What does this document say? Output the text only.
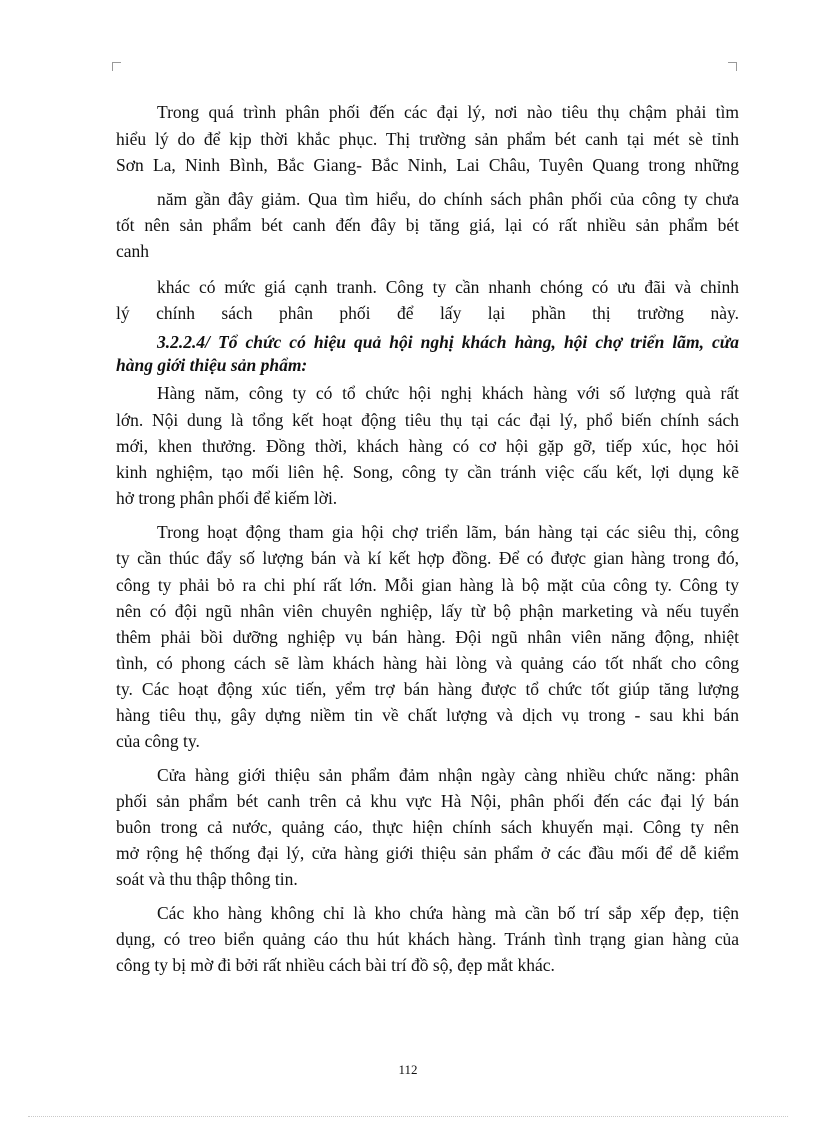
Trong quá trình phân phối đến các đại lý, nơi nào tiêu thụ chậm phải tìm
hiểu lý do để kịp thời khắc phục. Thị trường sản phẩm bét canh tại mét sè tỉnh
Sơn La, Ninh Bình, Bắc Giang- Bắc Ninh, Lai Châu, Tuyên Quang trong những
năm gần đây giảm. Qua tìm hiểu, do chính sách phân phối của công ty chưa
tốt nên sản phẩm bét canh đến đây bị tăng giá, lại có rất nhiều sản phẩm bét
canh
khác có mức giá cạnh tranh. Công ty cần nhanh chóng có ưu đãi và chỉnh
lý chính sách phân phối để lấy lại phần thị trường này.
3.2.2.4/ Tổ chức có hiệu quả hội nghị khách hàng, hội chợ triển lãm, cửa
hàng giới thiệu sản phẩm:
Hàng năm, công ty có tổ chức hội nghị khách hàng với số lượng quà rất
lớn. Nội dung là tổng kết hoạt động tiêu thụ tại các đại lý, phổ biến chính sách
mới, khen thưởng. Đồng thời, khách hàng có cơ hội gặp gỡ, tiếp xúc, học hỏi
kinh nghiệm, tạo mối liên hệ. Song, công ty cần tránh việc cấu kết, lợi dụng kẽ
hở trong phân phối để kiếm lời.
Trong hoạt động tham gia hội chợ triển lãm, bán hàng tại các siêu thị, công
ty cần thúc đẩy số lượng bán và kí kết hợp đồng. Để có được gian hàng trong đó,
công ty phải bỏ ra chi phí rất lớn. Mỗi gian hàng là bộ mặt của công ty. Công ty
nên có đội ngũ nhân viên chuyên nghiệp, lấy từ bộ phận marketing và nếu tuyển
thêm phải bồi dưỡng nghiệp vụ bán hàng. Đội ngũ nhân viên năng động, nhiệt
tình, có phong cách sẽ làm khách hàng hài lòng và quảng cáo tốt nhất cho công
ty. Các hoạt động xúc tiến, yểm trợ bán hàng được tổ chức tốt giúp tăng lượng
hàng tiêu thụ, gây dựng niềm tin về chất lượng và dịch vụ trong - sau khi bán
của công ty.
Cửa hàng giới thiệu sản phẩm đảm nhận ngày càng nhiều chức năng: phân
phối sản phẩm bét canh trên cả khu vực Hà Nội, phân phối đến các đại lý bán
buôn trong cả nước, quảng cáo, thực hiện chính sách khuyến mại. Công ty nên
mở rộng hệ thống đại lý, cửa hàng giới thiệu sản phẩm ở các đầu mối để dễ kiểm
soát và thu thập thông tin.
Các kho hàng không chỉ là kho chứa hàng mà cần bố trí sắp xếp đẹp, tiện
dụng, có treo biển quảng cáo thu hút khách hàng. Tránh tình trạng gian hàng của
công ty bị mờ đi bởi rất nhiều cách bài trí đồ sộ, đẹp mắt khác.
112
